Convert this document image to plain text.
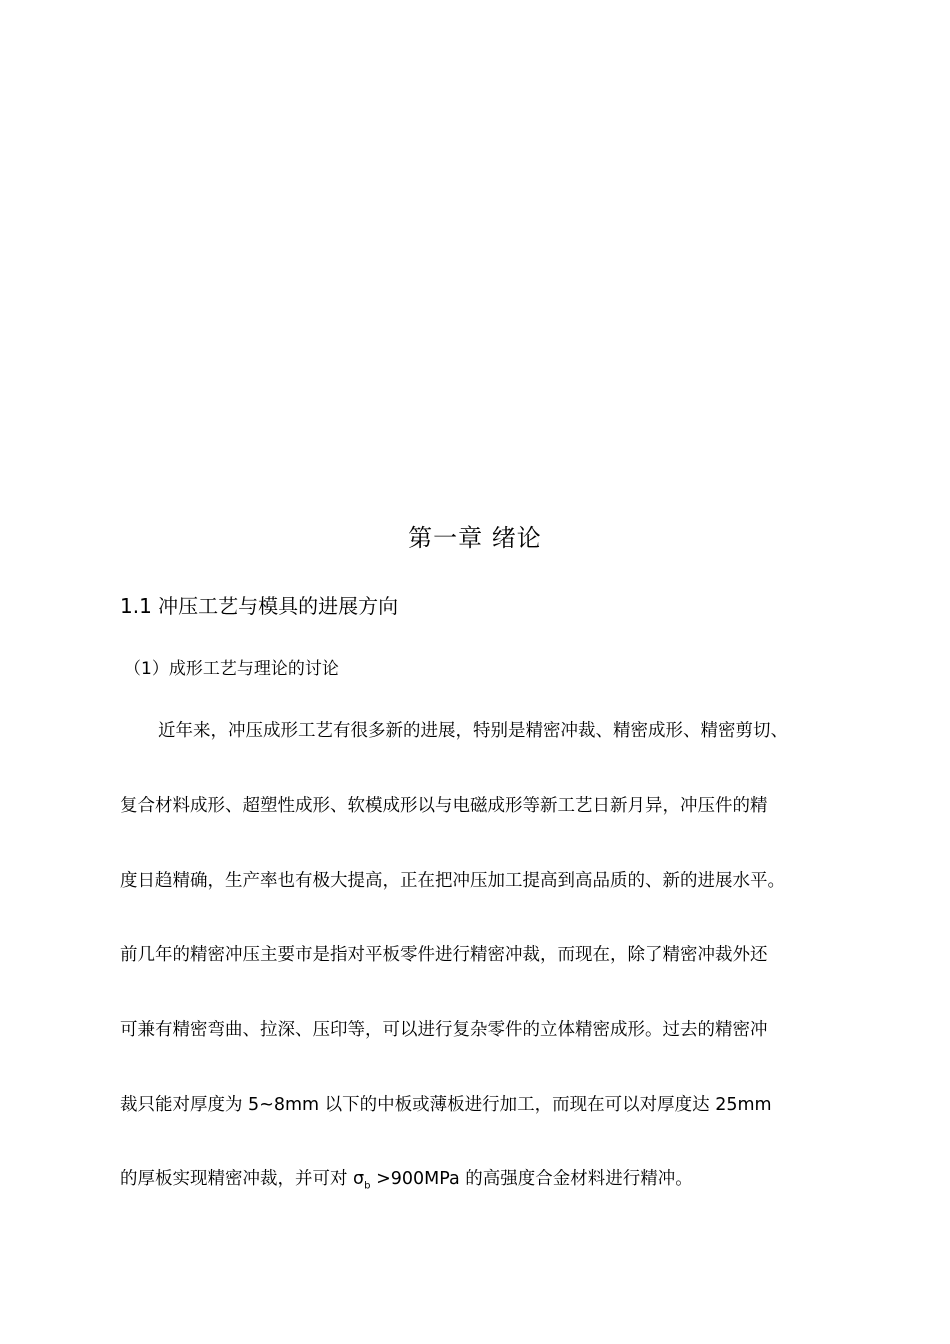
第一章 绪论
1.1 冲压工艺与模具的进展方向
（1）成形工艺与理论的讨论
近年来，冲压成形工艺有很多新的进展，特别是精密冲裁、精密成形、精密剪切、
复合材料成形、超塑性成形、软模成形以与电磁成形等新工艺日新月异，冲压件的精
度日趋精确，生产率也有极大提高，正在把冲压加工提高到高品质的、新的进展水平。
前几年的精密冲压主要市是指对平板零件进行精密冲裁，而现在，除了精密冲裁外还
可兼有精密弯曲、拉深、压印等，可以进行复杂零件的立体精密成形。过去的精密冲
裁只能对厚度为 5~8mm 以下的中板或薄板进行加工，而现在可以对厚度达 25mm
的厚板实现精密冲裁，并可对 $\sigma_b >900MPa$ 的高强度合金材料进行精冲。
